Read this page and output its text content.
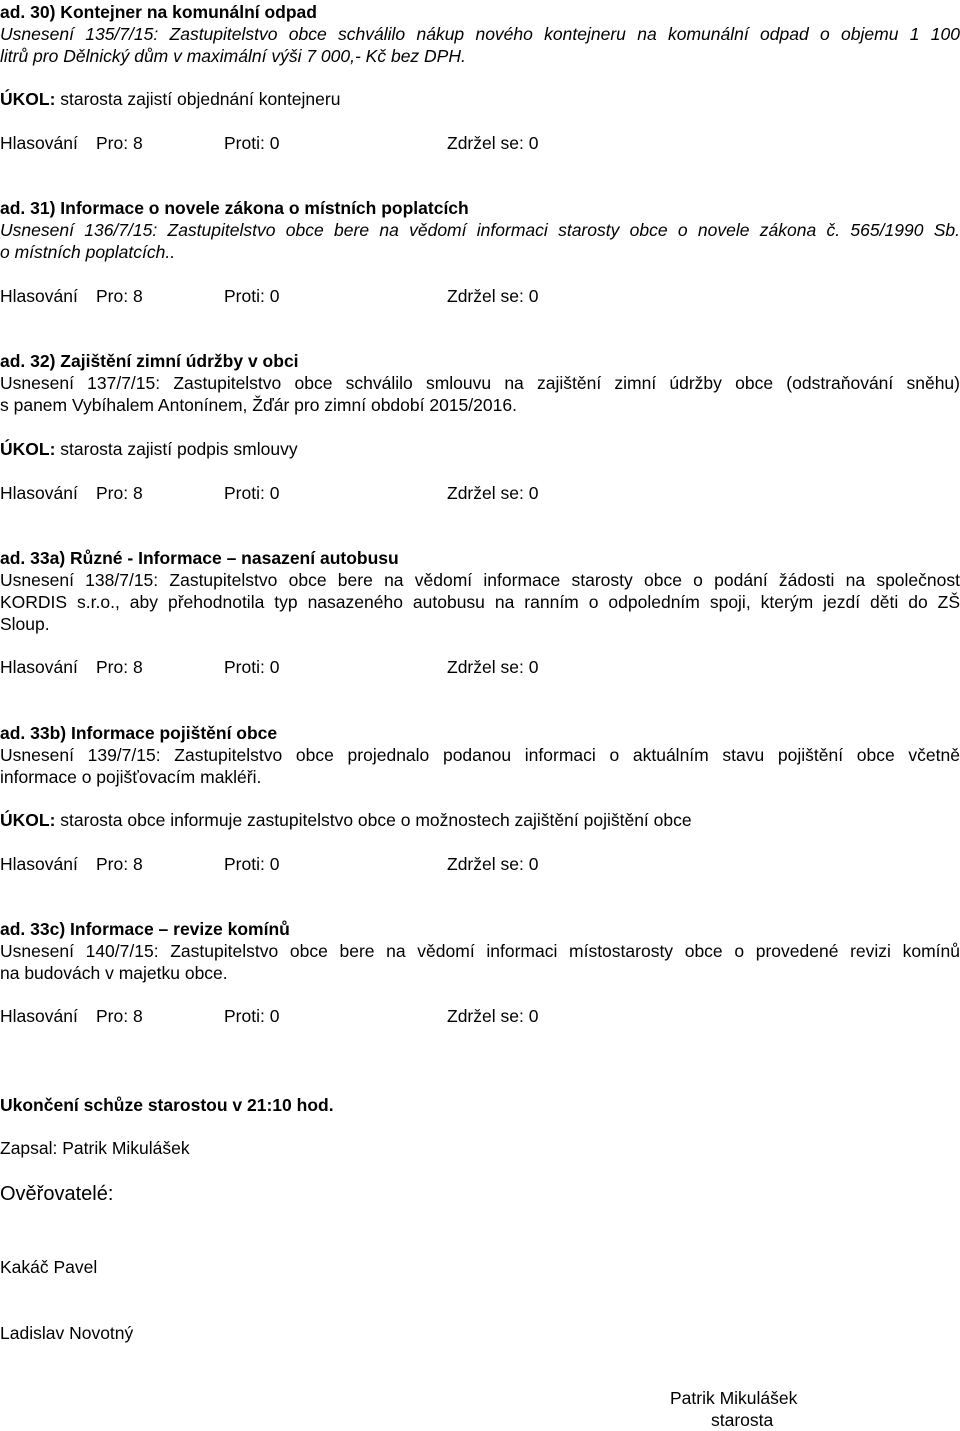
ad. 30) Kontejner na komunální odpad
Usnesení 135/7/15: Zastupitelstvo obce schválilo nákup nového kontejneru na komunální odpad o objemu 1 100
litrů pro Dělnický dům v maximální výši 7 000,- Kč bez DPH.
ÚKOL: starosta zajistí objednání kontejneru
Hlasování Pro: 8	Proti: 0	Zdržel se: 0
ad. 31) Informace o novele zákona o místních poplatcích
Usnesení 136/7/15: Zastupitelstvo obce bere na vědomí informaci starosty obce o novele zákona č. 565/1990 Sb.
o místních poplatcích..
Hlasování Pro: 8	Proti: 0	Zdržel se: 0
ad. 32) Zajištění zimní údržby v obci
Usnesení 137/7/15: Zastupitelstvo obce schválilo smlouvu na zajištění zimní údržby obce (odstraňování sněhu)
s panem Vybíhalem Antonínem, Žďár pro zimní období 2015/2016.
ÚKOL: starosta zajistí podpis smlouvy
Hlasování Pro: 8	Proti: 0	Zdržel se: 0
ad. 33a) Různé - Informace – nasazení autobusu
Usnesení 138/7/15: Zastupitelstvo obce bere na vědomí informace starosty obce o podání žádosti na společnost
KORDIS s.r.o., aby přehodnotila typ nasazeného autobusu na ranním o odpoledním spoji, kterým jezdí děti do ZŠ
Sloup.
Hlasování Pro: 8	Proti: 0	Zdržel se: 0
ad. 33b) Informace pojištění obce
Usnesení 139/7/15: Zastupitelstvo obce projednalo podanou informaci o aktuálním stavu pojištění obce včetně
informace o pojišťovacím makléři.
ÚKOL: starosta obce informuje zastupitelstvo obce o možnostech zajištění pojištění obce
Hlasování Pro: 8	Proti: 0	Zdržel se: 0
ad. 33c) Informace – revize komínů
Usnesení 140/7/15: Zastupitelstvo obce bere na vědomí informaci místostarosty obce o provedené revizi komínů
na budovách v majetku obce.
Hlasování Pro: 8	Proti: 0	Zdržel se: 0
Ukončení schůze starostou v 21:10 hod.
Zapsal: Patrik Mikulášek
Ověřovatelé:
Kakáč Pavel
Ladislav Novotný
Patrik Mikulášek
starosta
